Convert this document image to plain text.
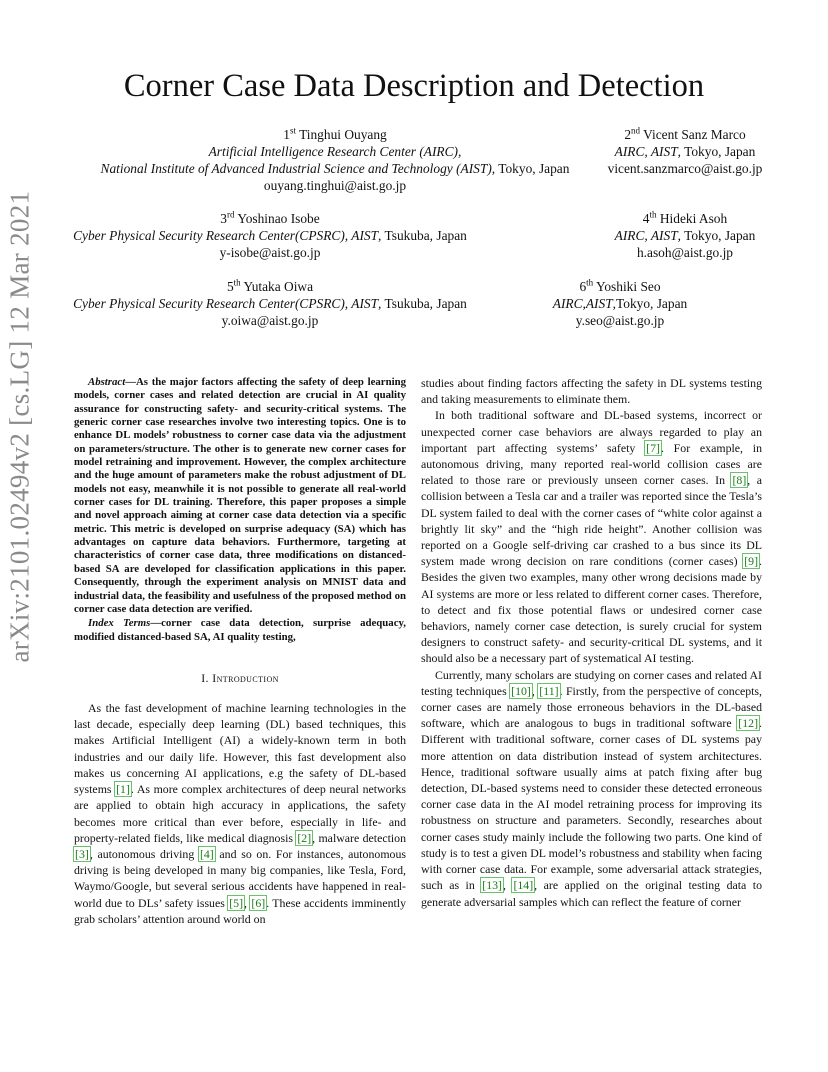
Corner Case Data Description and Detection
1st Tinghui Ouyang
Artificial Intelligence Research Center (AIRC),
National Institute of Advanced Industrial Science and Technology (AIST), Tokyo, Japan
ouyang.tinghui@aist.go.jp
2nd Vicent Sanz Marco
AIRC, AIST, Tokyo, Japan
vicent.sanzmarco@aist.go.jp
3rd Yoshinao Isobe
Cyber Physical Security Research Center(CPSRC), AIST, Tsukuba, Japan
y-isobe@aist.go.jp
4th Hideki Asoh
AIRC, AIST, Tokyo, Japan
h.asoh@aist.go.jp
5th Yutaka Oiwa
Cyber Physical Security Research Center(CPSRC), AIST, Tsukuba, Japan
y.oiwa@aist.go.jp
6th Yoshiki Seo
AIRC,AIST,Tokyo, Japan
y.seo@aist.go.jp
arXiv:2101.02494v2 [cs.LG] 12 Mar 2021	Abstract—As the major factors affecting the safety of deep learning models, corner cases and related detection are crucial in AI quality assurance for constructing safety- and security-critical systems. The generic corner case researches involve two interesting topics. One is to enhance DL models’ robustness to corner case data via the adjustment on parameters/structure. The other is to generate new corner cases for model retraining and improvement. However, the complex architecture and the huge amount of parameters make the robust adjustment of DL models not easy, meanwhile it is not possible to generate all real-world corner cases for DL training. Therefore, this paper proposes a simple and novel approach aiming at corner case data detection via a specific metric. This metric is developed on surprise adequacy (SA) which has advantages on capture data behaviors. Furthermore, targeting at characteristics of corner case data, three modifications on distanced-based SA are developed for classification applications in this paper. Consequently, through the experiment analysis on MNIST data and industrial data, the feasibility and usefulness of the proposed method on corner case data detection are verified.

Index Terms—corner case data detection, surprise adequacy, modified distanced-based SA, AI quality testing,

I. Introduction

As the fast development of machine learning technologies in the last decade, especially deep learning (DL) based techniques, this makes Artificial Intelligent (AI) a widely-known term in both industries and our daily life. However, this fast development also makes us concerning AI applications, e.g the safety of DL-based systems [1]. As more complex architectures of deep neural networks are applied to obtain high accuracy in applications, the safety becomes more critical than ever before, especially in life- and property-related fields, like medical diagnosis [2], malware detection [3], autonomous driving [4] and so on. For instances, autonomous driving is being developed in many big companies, like Tesla, Ford, Waymo/Google, but several serious accidents have happened in real-world due to DLs’ safety issues [5], [6]. These accidents imminently grab scholars’ attention around world on

studies about finding factors affecting the safety in DL systems testing and taking measurements to eliminate them.

In both traditional software and DL-based systems, incorrect or unexpected corner case behaviors are always regarded to play an important part affecting systems’ safety [7]. For example, in autonomous driving, many reported real-world collision cases are related to those rare or previously unseen corner cases. In [8], a collision between a Tesla car and a trailer was reported since the Tesla’s DL system failed to deal with the corner cases of “white color against a brightly lit sky” and the “high ride height”. Another collision was reported on a Google self-driving car crashed to a bus since its DL system made wrong decision on rare conditions (corner cases) [9]. Besides the given two examples, many other wrong decisions made by AI systems are more or less related to different corner cases. Therefore, to detect and fix those potential flaws or undesired corner case behaviors, namely corner case detection, is surely crucial for system designers to construct safety- and security-critical DL systems, and it should also be a necessary part of systematical AI testing.

Currently, many scholars are studying on corner cases and related AI testing techniques [10], [11]. Firstly, from the perspective of concepts, corner cases are namely those erroneous behaviors in the DL-based software, which are analogous to bugs in traditional software [12]. Different with traditional software, corner cases of DL systems pay more attention on data distribution instead of system architectures. Hence, traditional software usually aims at patch fixing after bug detection, DL-based systems need to consider these detected erroneous corner case data in the AI model retraining process for improving its robustness on structure and parameters. Secondly, researches about corner cases study mainly include the following two parts. One kind of study is to test a given DL model’s robustness and stability when facing with corner case data. For example, some adversarial attack strategies, such as in [13], [14], are applied on the original testing data to generate adversarial samples which can reflect the feature of corner
